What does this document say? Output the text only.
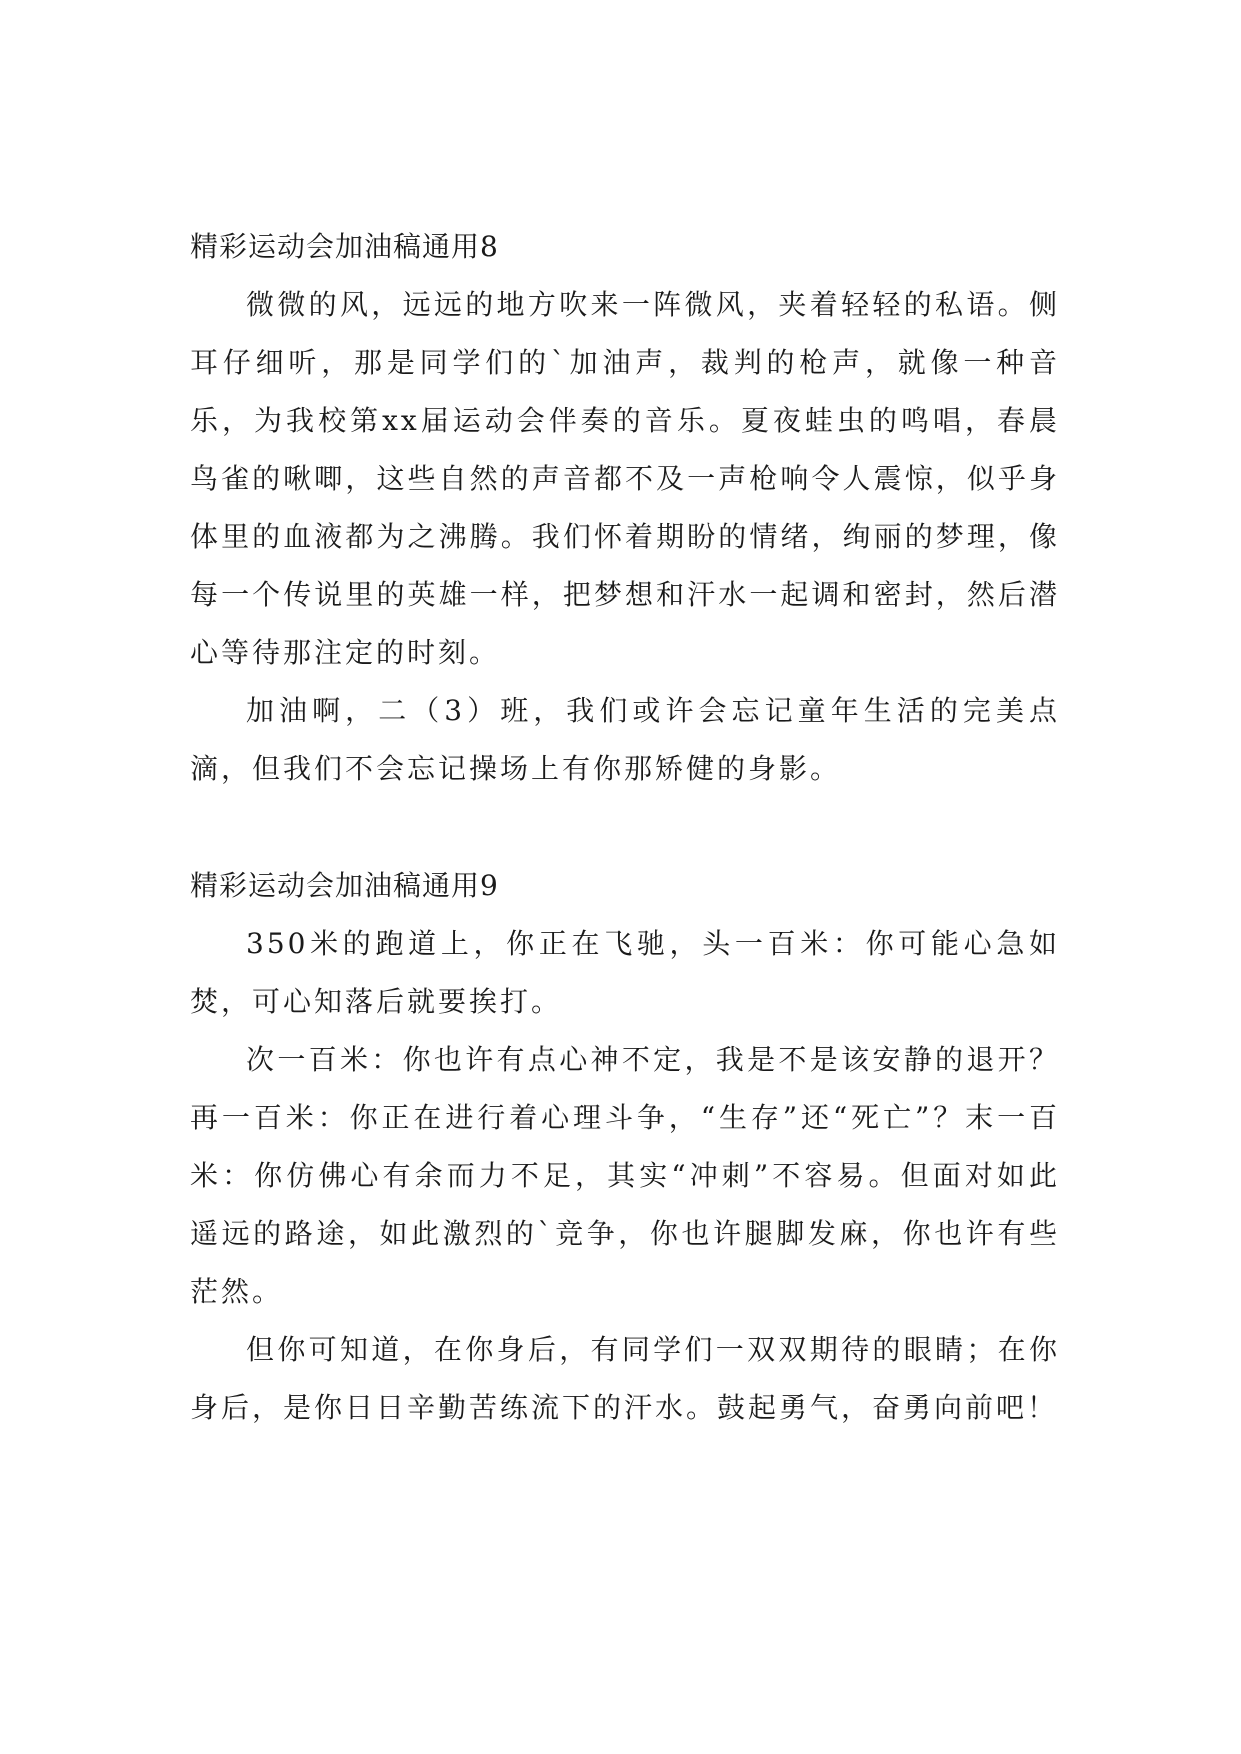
精彩运动会加油稿通用8

微微的风，远远的地方吹来一阵微风，夹着轻轻的私语。侧耳仔细听，那是同学们的`加油声，裁判的枪声，就像一种音乐，为我校第xx届运动会伴奏的音乐。夏夜蛙虫的鸣唱，春晨鸟雀的啾唧，这些自然的声音都不及一声枪响令人震惊，似乎身体里的血液都为之沸腾。我们怀着期盼的情绪，绚丽的梦理，像每一个传说里的英雄一样，把梦想和汗水一起调和密封，然后潜心等待那注定的时刻。

加油啊，二（3）班，我们或许会忘记童年生活的完美点滴，但我们不会忘记操场上有你那矫健的身影。

精彩运动会加油稿通用9

350米的跑道上，你正在飞驰，头一百米：你可能心急如焚，可心知落后就要挨打。

次一百米：你也许有点心神不定，我是不是该安静的退开？再一百米：你正在进行着心理斗争，“生存”还“死亡”？末一百米：你仿佛心有余而力不足，其实“冲刺”不容易。但面对如此遥远的路途，如此激烈的`竞争，你也许腿脚发麻，你也许有些茫然。

但你可知道，在你身后，有同学们一双双期待的眼睛；在你身后，是你日日辛勤苦练流下的汗水。鼓起勇气，奋勇向前吧！
